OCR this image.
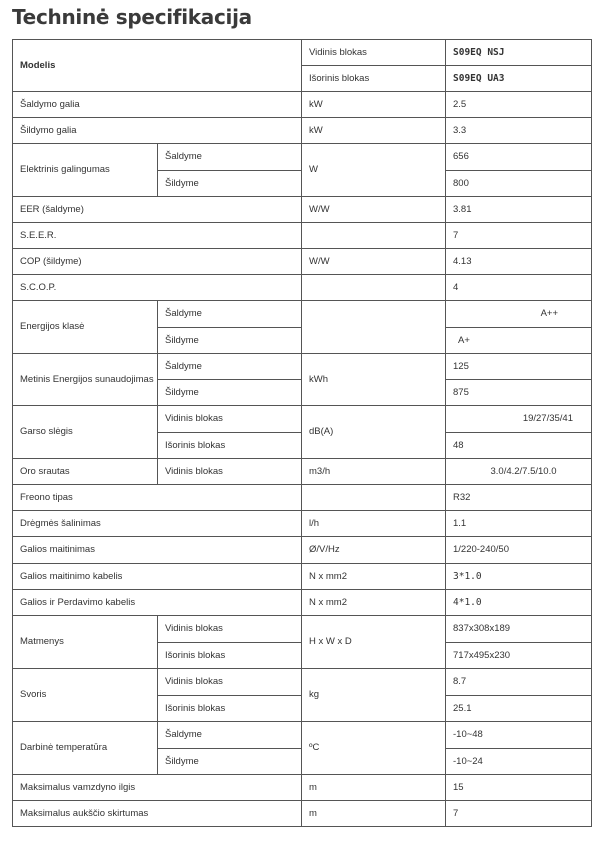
Techninė specifikacija
Modelis		Vidinis blokas	S09EQ NSJ
		Išorinis blokas	S09EQ UA3
Šaldymo galia		kW	2.5
Šildymo galia		kW	3.3
Elektrinis galingumas	Šaldyme	W	656
	Šildyme		800
EER (šaldyme)		W/W	3.81
S.E.E.R.			7
COP (šildyme)		W/W	4.13
S.C.O.P.			4
Energijos klasė	Šaldyme		A++
	Šildyme		A+
Metinis Energijos sunaudojimas	Šaldyme	kWh	125
	Šildyme		875
Garso slėgis	Vidinis blokas	dB(A)	19/27/35/41
	Išorinis blokas		48
Oro srautas	Vidinis blokas	m3/h	3.0/4.2/7.5/10.0
Freono tipas			R32
Drėgmės šalinimas		l/h	1.1
Galios maitinimas		Ø/V/Hz	1/220-240/50
Galios maitinimo kabelis		N x mm2	3*1.0
Galios ir Perdavimo kabelis		N x mm2	4*1.0
Matmenys	Vidinis blokas	H x W x D	837x308x189
	Išorinis blokas		717x495x230
Svoris	Vidinis blokas	kg	8.7
	Išorinis blokas		25.1
Darbinė temperatūra	Šaldyme	ºC	-10~48
	Šildyme		-10~24
Maksimalus vamzdyno ilgis		m	15
Maksimalus aukščio skirtumas		m	7
